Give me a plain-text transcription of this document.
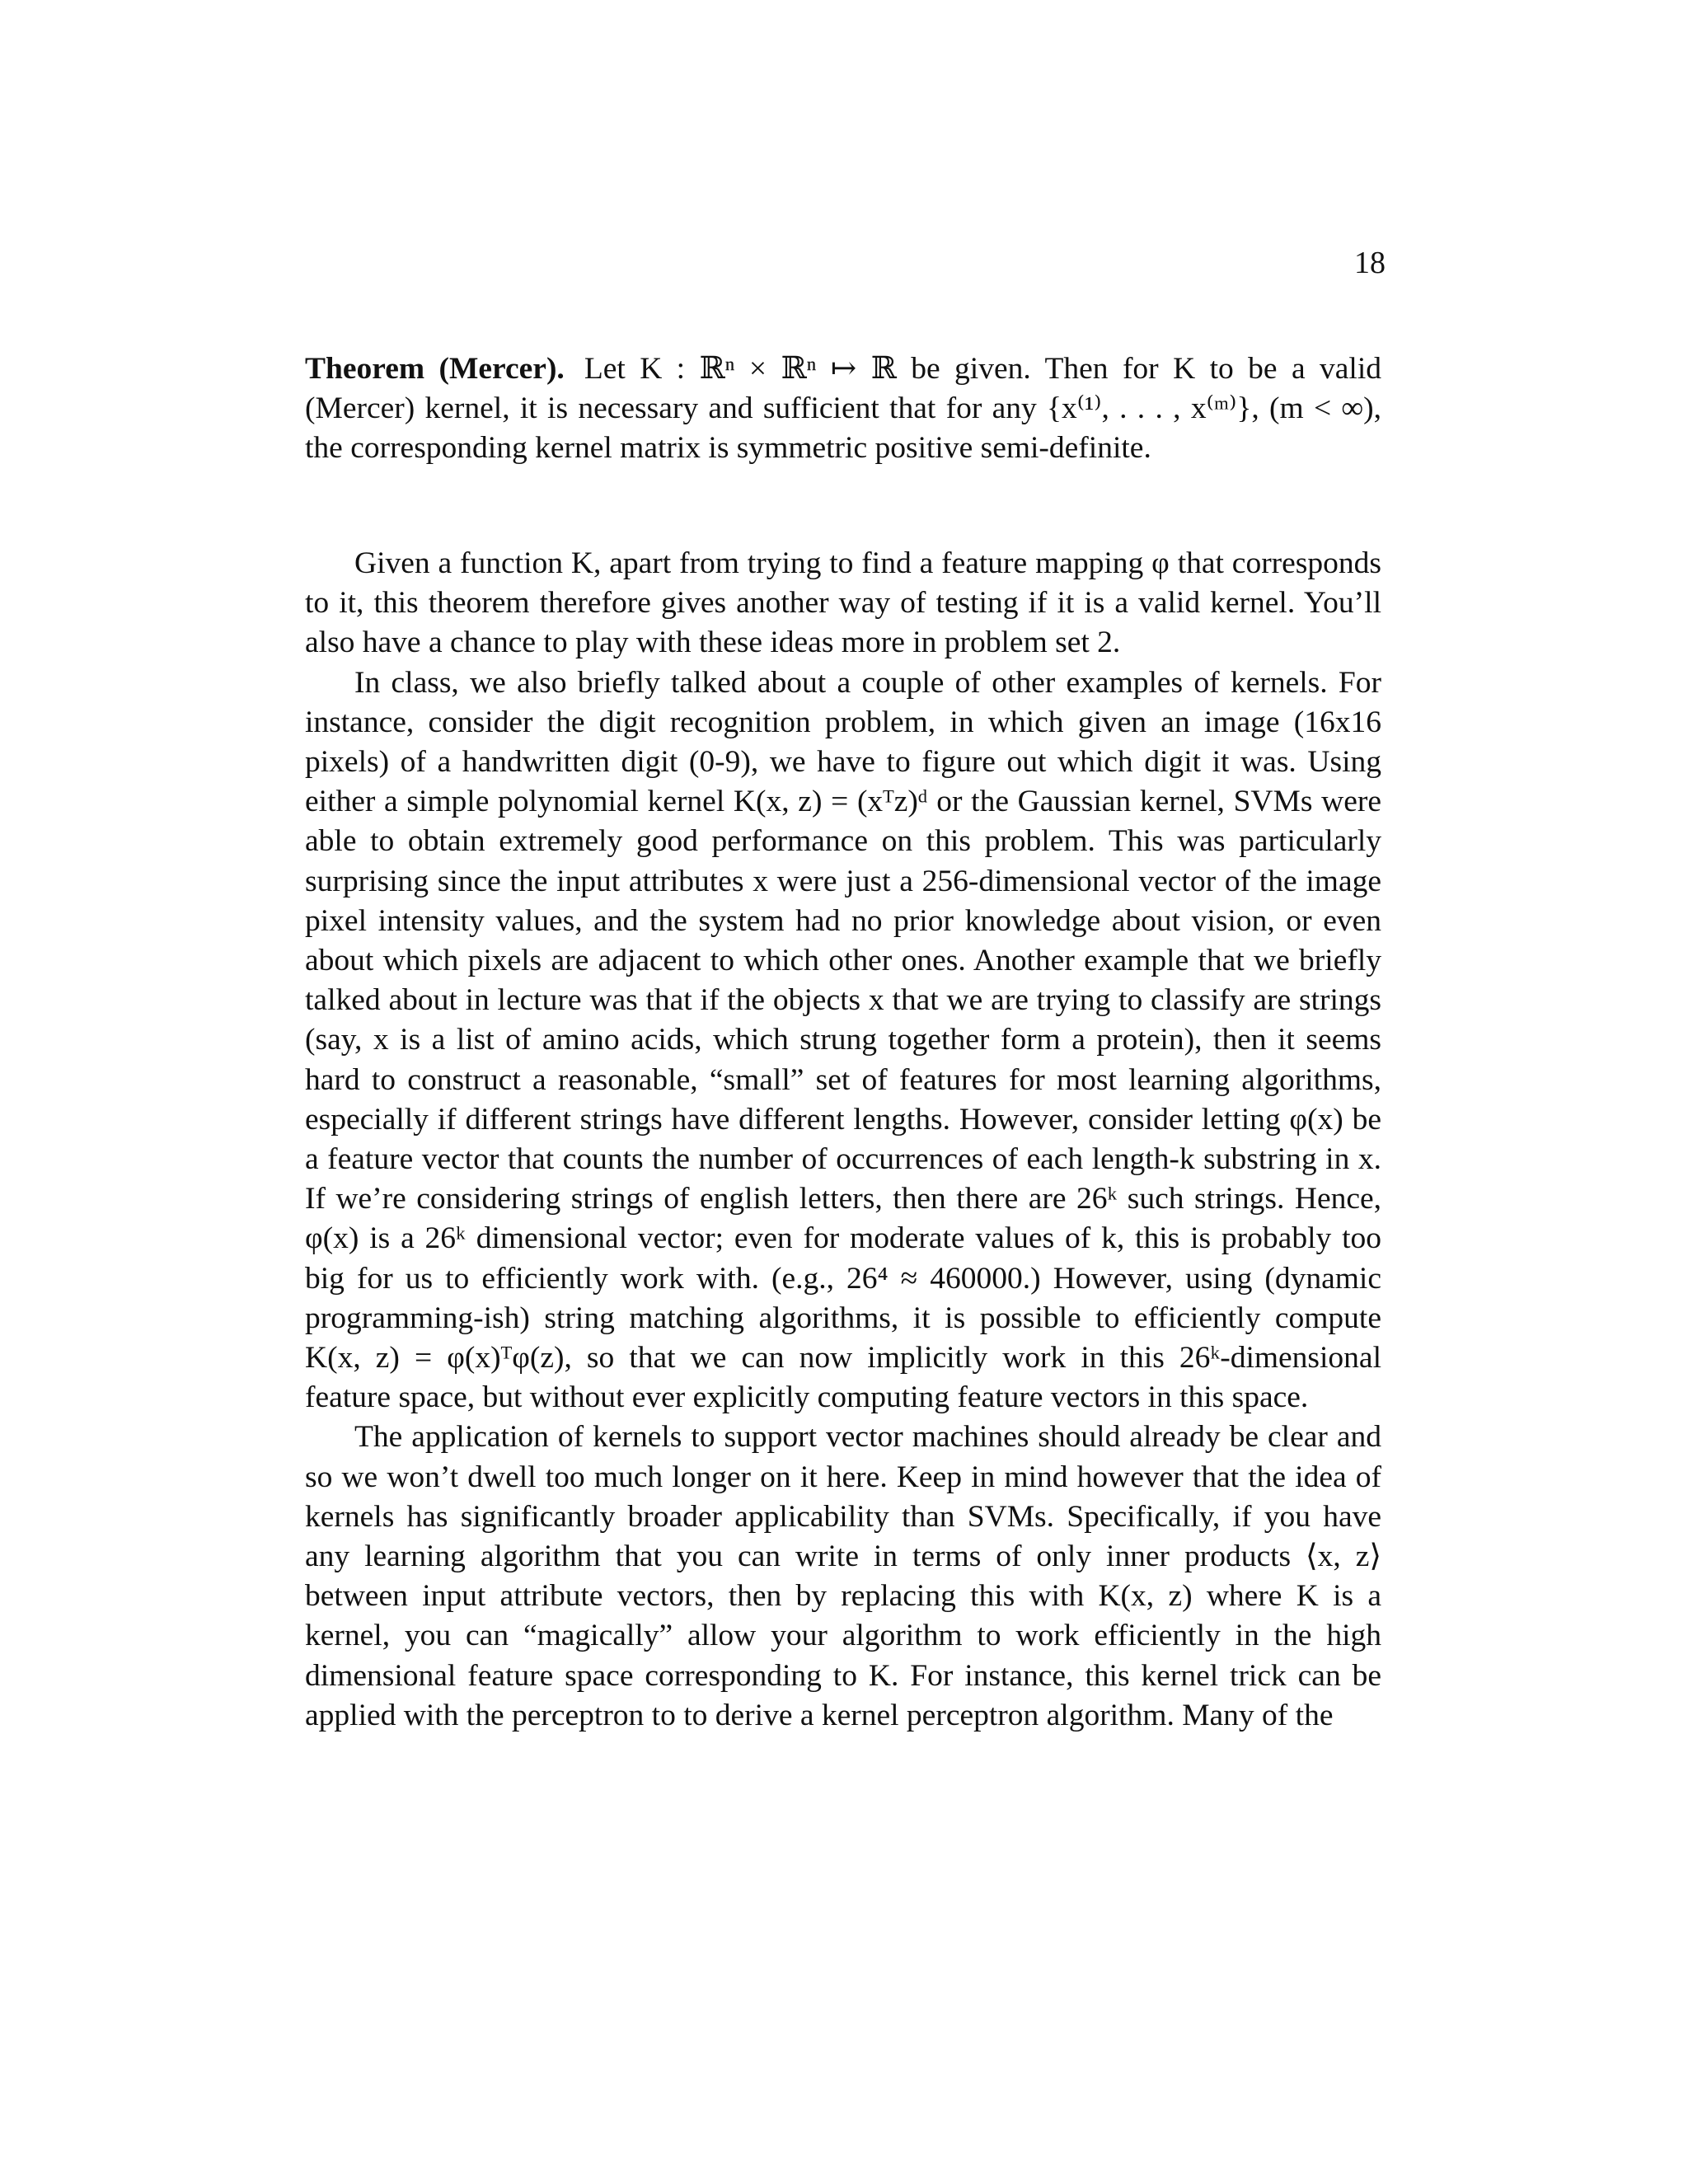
18

Theorem (Mercer). Let K : ℝⁿ × ℝⁿ ↦ ℝ be given. Then for K to be a valid (Mercer) kernel, it is necessary and sufficient that for any {x⁽¹⁾, . . . , x⁽ᵐ⁾}, (m < ∞), the corresponding kernel matrix is symmetric positive semi-definite.

Given a function K, apart from trying to find a feature mapping φ that corresponds to it, this theorem therefore gives another way of testing if it is a valid kernel. You’ll also have a chance to play with these ideas more in problem set 2.

In class, we also briefly talked about a couple of other examples of kernels. For instance, consider the digit recognition problem, in which given an image (16x16 pixels) of a handwritten digit (0-9), we have to figure out which digit it was. Using either a simple polynomial kernel K(x, z) = (xᵀz)ᵈ or the Gaussian kernel, SVMs were able to obtain extremely good performance on this problem. This was particularly surprising since the input attributes x were just a 256-dimensional vector of the image pixel intensity values, and the system had no prior knowledge about vision, or even about which pixels are adjacent to which other ones. Another example that we briefly talked about in lecture was that if the objects x that we are trying to classify are strings (say, x is a list of amino acids, which strung together form a protein), then it seems hard to construct a reasonable, “small” set of features for most learning algorithms, especially if different strings have different lengths. However, consider letting φ(x) be a feature vector that counts the number of occurrences of each length-k substring in x. If we’re considering strings of english letters, then there are 26ᵏ such strings. Hence, φ(x) is a 26ᵏ dimensional vector; even for moderate values of k, this is probably too big for us to efficiently work with. (e.g., 26⁴ ≈ 460000.) However, using (dynamic programming-ish) string matching algorithms, it is possible to efficiently compute K(x, z) = φ(x)ᵀφ(z), so that we can now implicitly work in this 26ᵏ-dimensional feature space, but without ever explicitly computing feature vectors in this space.

The application of kernels to support vector machines should already be clear and so we won’t dwell too much longer on it here. Keep in mind however that the idea of kernels has significantly broader applicability than SVMs. Specifically, if you have any learning algorithm that you can write in terms of only inner products ⟨x, z⟩ between input attribute vectors, then by replacing this with K(x, z) where K is a kernel, you can “magically” allow your algorithm to work efficiently in the high dimensional feature space corresponding to K. For instance, this kernel trick can be applied with the perceptron to to derive a kernel perceptron algorithm. Many of the
